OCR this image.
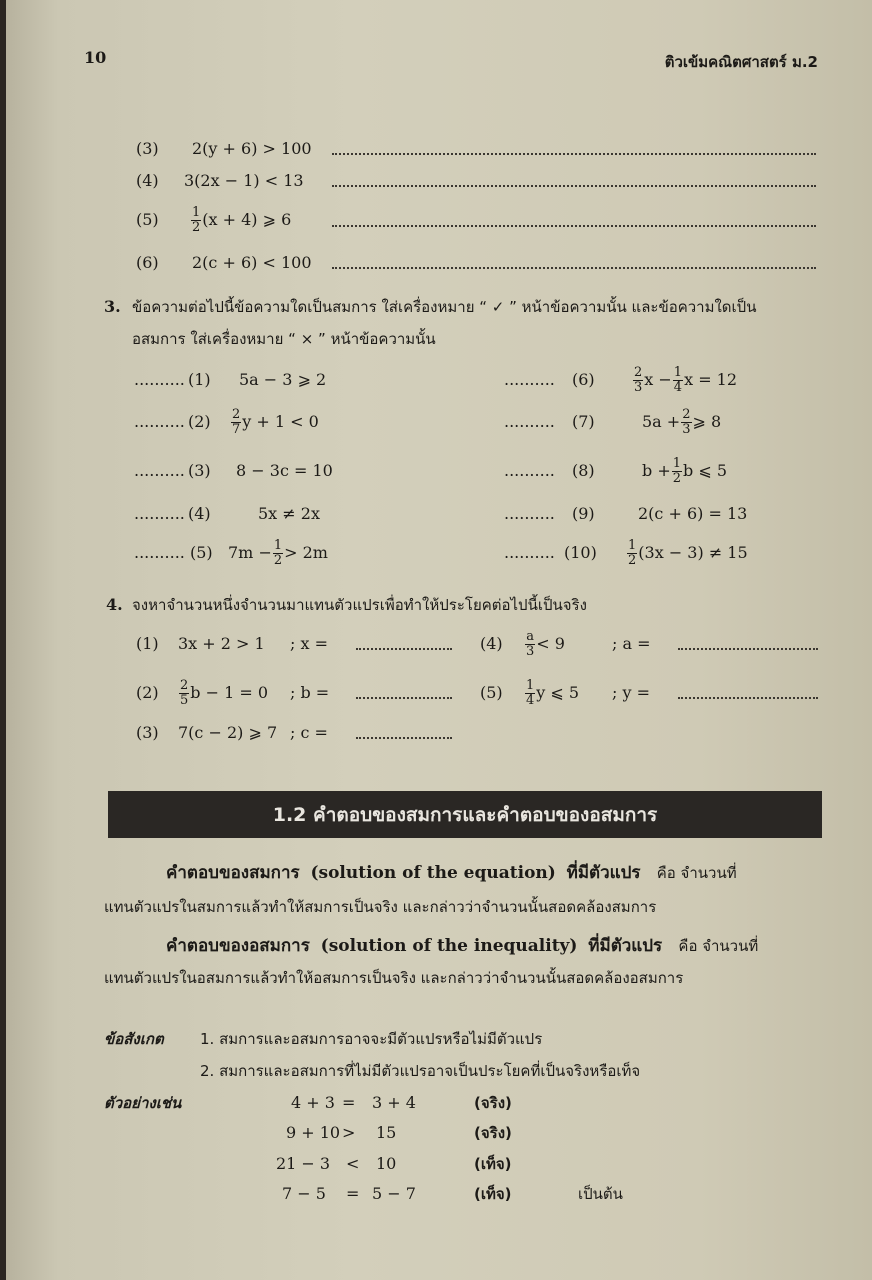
10	ติวเข้มคณิตศาสตร์ ม.2
(3) 2(y + 6) > 100
(4) 3(2x − 1) < 13
$(5) \frac{1}{2} (x + 4)$ ⩾ 6
(6) 2(c + 6) < 100
3. ข้อความต่อไปนี้ข้อความใดเป็นสมการ ใส่เครื่องหมาย “ ✓ ” หน้าข้อความนั้น และข้อความใดเป็น
อสมการ ใส่เครื่องหมาย “ × ” หน้าข้อความนั้น
.......... (1) 5a − 3 ⩾ 2
.......... $(2) \frac{2}{7}$ y + 1 < 0
.......... (3) 8 − 3c = 10
.......... (4)	5x ≠ 2x
.......... (5) $7m - \frac{1}{2} > 2m$
.......... (6)	$\frac{2}{3}$ $x - \frac{1}{4}$ x = 12
.......... (7)	$5a + \frac{2}{3}$ ⩾ 8
.......... (8)	$b + \frac{1}{2}$ b ⩽ 5
.......... (9)	2(c + 6) = 13
.......... $(10) \frac{1}{2} (3x - 3) \ne 15$
4. จงหาจำนวนหนึ่งจำนวนมาแทนตัวแปรเพื่อทำให้ประโยคต่อไปนี้เป็นจริง
(1) 3x + 2 > 1 ; x =	$(4) \frac{a}{3} < 9$	; a =
$(2) \frac{2}{5}$ b − 1 = 0 ; b =	$(5) \frac{1}{4}$ y ⩽ 5 ; y =
(3) 7(c − 2) ⩾ 7 ; c =
1.2 คำตอบของสมการและคำตอบของอสมการ
คำตอบของสมการ (solution of the equation) ที่มีตัวแปร คือ จำนวนที่
แทนตัวแปรในสมการแล้วทำให้สมการเป็นจริง และกล่าวว่าจำนวนนั้นสอดคล้องสมการ
คำตอบของอสมการ (solution of the inequality) ที่มีตัวแปร คือ จำนวนที่
แทนตัวแปรในอสมการแล้วทำให้อสมการเป็นจริง และกล่าวว่าจำนวนนั้นสอดคล้องอสมการ
ข้อสังเกต 1. สมการและอสมการอาจจะมีตัวแปรหรือไม่มีตัวแปร
2. สมการและอสมการที่ไม่มีตัวแปรอาจเป็นประโยคที่เป็นจริงหรือเท็จ
ตัวอย่างเช่น	4 + 3 = 3 + 4	(จริง)
9 + 10 > 15	(จริง)
21 − 3 < 10	(เท็จ)
7 − 5	= 5 − 7	(เท็จ)	เป็นต้น
